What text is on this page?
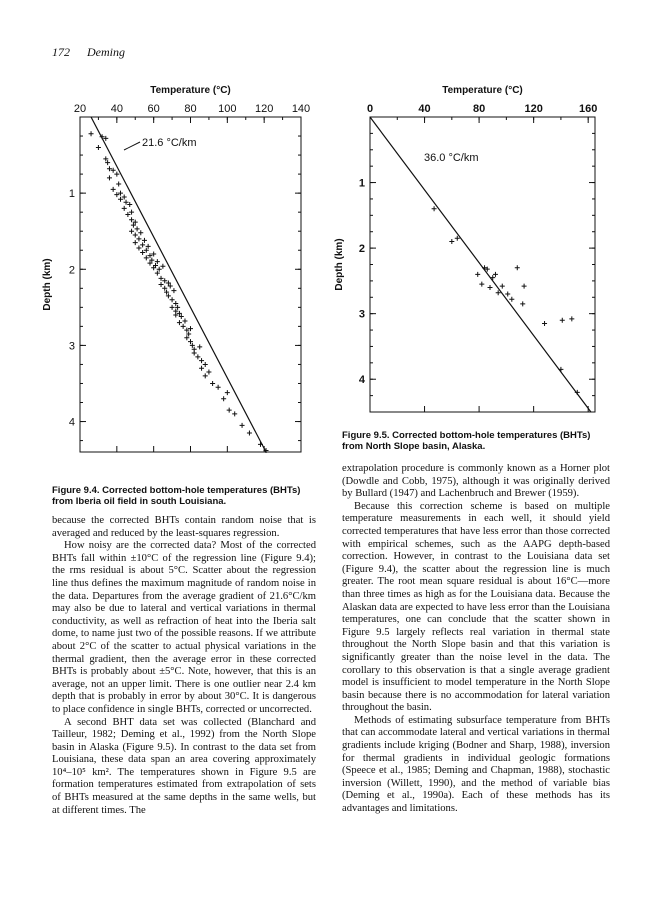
172 Deming
Temperature (°C)
20 40 60 80 100 120 140
1
2
3
4
Depth (km)
21.6 °C/km
Temperature (°C)
0	40	80	120	160
1
2
3
4
Depth (km)
36.0 °C/km
Figure 9.4. Corrected bottom-hole temperatures (BHTs)
from Iberia oil field in south Louisiana.
Figure 9.5. Corrected bottom-hole temperatures (BHTs)
from North Slope basin, Alaska.

because the corrected BHTs contain random noise that is averaged and reduced by the least-squares regression.

How noisy are the corrected data? Most of the corrected BHTs fall within ±10°C of the regression line (Figure 9.4); the rms residual is about 5°C. Scatter about the regression line thus defines the maximum magnitude of random noise in the data. Departures from the average gradient of 21.6°C/km may also be due to lateral and vertical variations in thermal conductivity, as well as refraction of heat into the Iberia salt dome, to name just two of the possible reasons. If we attribute about 2°C of the scatter to actual physical variations in the thermal gradient, then the average error in these corrected BHTs is probably about ±5°C. Note, however, that this is an average, not an upper limit. There is one outlier near 2.4 km depth that is probably in error by about 30°C. It is dangerous to place confidence in single BHTs, corrected or uncorrected.

A second BHT data set was collected (Blanchard and Tailleur, 1982; Deming et al., 1992) from the North Slope basin in Alaska (Figure 9.5). In contrast to the data set from Louisiana, these data span an area covering approximately 10⁴–10⁵ km². The temperatures shown in Figure 9.5 are formation temperatures estimated from extrapolation of sets of BHTs measured at the same depths in the same wells, but at different times. The

extrapolation procedure is commonly known as a Horner plot (Dowdle and Cobb, 1975), although it was originally derived by Bullard (1947) and Lachenbruch and Brewer (1959).

Because this correction scheme is based on multiple temperature measurements in each well, it should yield corrected temperatures that have less error than those corrected with empirical schemes, such as the AAPG depth-based correction. However, in contrast to the Louisiana data set (Figure 9.4), the scatter about the regression line is much greater. The root mean square residual is about 16°C—more than three times as high as for the Louisiana data. Because the Alaskan data are expected to have less error than the Louisiana temperatures, one can conclude that the scatter shown in Figure 9.5 largely reflects real variation in thermal state throughout the North Slope basin and that this variation is significantly greater than the noise level in the data. The corollary to this observation is that a single average gradient model is insufficient to model temperature in the North Slope basin because there is no accommodation for lateral variation throughout the basin.

Methods of estimating subsurface temperature from BHTs that can accommodate lateral and vertical variations in thermal gradients include kriging (Bodner and Sharp, 1988), inversion for thermal gradients in individual geologic formations (Speece et al., 1985; Deming and Chapman, 1988), stochastic inversion (Willett, 1990), and the method of variable bias (Deming et al., 1990a). Each of these methods has its advantages and limitations.
